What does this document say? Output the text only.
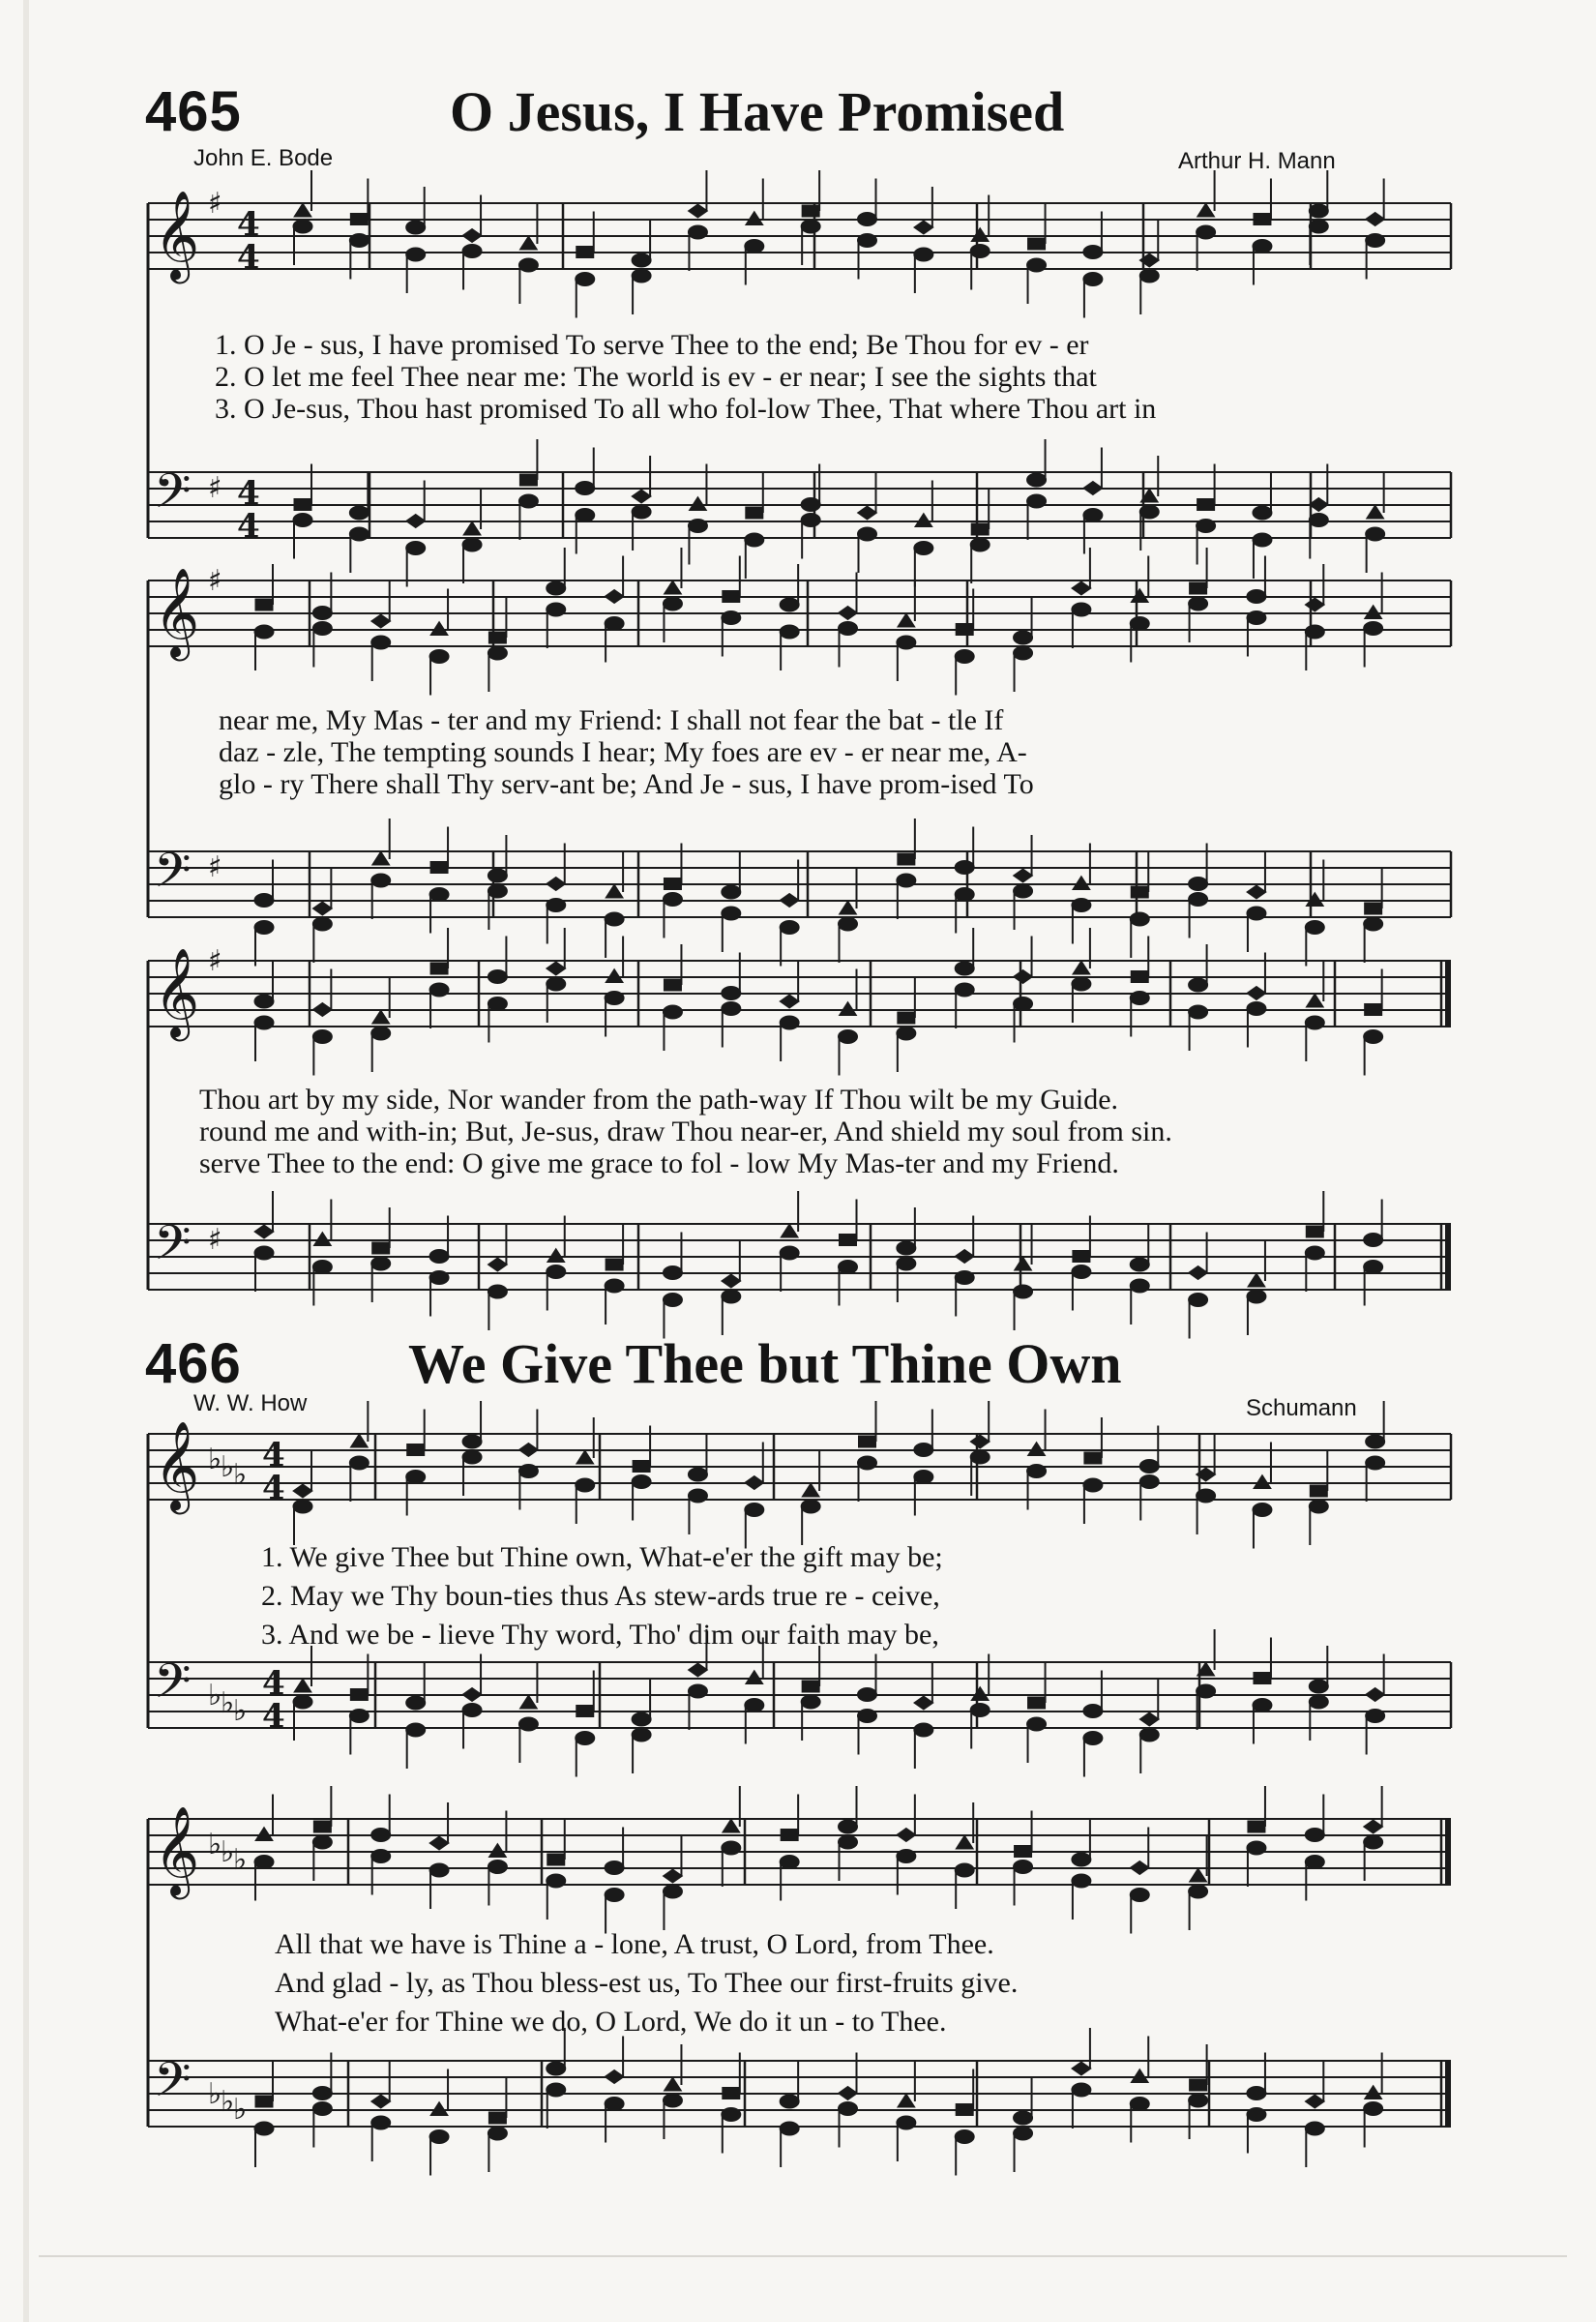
465	O Jesus, I Have Promised
John E. Bode	Arthur H. Mann
𝄞
𝄢
♯
♯
4
4
4
4
𝄞
𝄢
♯
♯
𝄞
𝄢
♯
♯
𝄞
𝄢
♭
♭
♭
♭
♭
♭
4
4
4
4
𝄞
𝄢
♭
♭
♭
♭
♭
♭
1. O Je - sus, I have promised To serve Thee to the end; Be Thou for ev - er
2. O let me feel Thee near me: The world is ev - er near; I see the sights that
3. O Je-sus, Thou hast promised To all who fol-low Thee, That where Thou art in
near me, My Mas - ter and my Friend: I shall not fear the bat - tle If
daz - zle, The tempting sounds I hear; My foes are ev - er near me, A-
glo - ry There shall Thy serv-ant be; And Je - sus, I have prom-ised To
Thou art by my side, Nor wander from the path-way If Thou wilt be my Guide.
round me and with-in; But, Je-sus, draw Thou near-er, And shield my soul from sin.
serve Thee to the end: O give me grace to fol - low My Mas-ter and my Friend.
466	We Give Thee but Thine Own
W. W. How	Schumann
1. We give Thee but Thine own, What-e'er the gift may be;
2. May we Thy boun-ties thus As stew-ards true re - ceive,
3. And we be - lieve Thy word, Tho' dim our faith may be,
All that we have is Thine a - lone, A trust, O Lord, from Thee.
And glad - ly, as Thou bless-est us, To Thee our first-fruits give.
What-e'er for Thine we do, O Lord, We do it un - to Thee.
